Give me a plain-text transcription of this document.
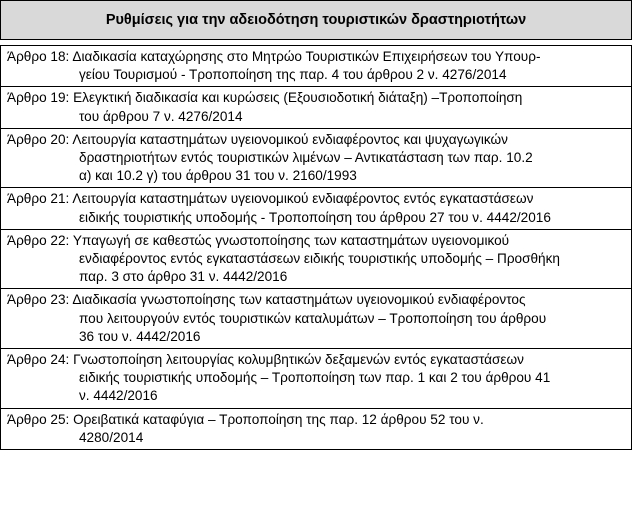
Ρυθμίσεις για την αδειοδότηση τουριστικών δραστηριοτήτων
Άρθρο 18: Διαδικασία καταχώρησης στο Μητρώο Τουριστικών Επιχειρήσεων του Υπουρ-
γείου Τουρισμού - Τροποποίηση της παρ. 4 του άρθρου 2 ν. 4276/2014
Άρθρο 19: Ελεγκτική διαδικασία και κυρώσεις (Εξουσιοδοτική διάταξη) –Τροποποίηση
του άρθρου 7 ν. 4276/2014
Άρθρο 20: Λειτουργία καταστημάτων υγειονομικού ενδιαφέροντος και ψυχαγωγικών
δραστηριοτήτων εντός τουριστικών λιμένων – Αντικατάσταση των παρ. 10.2
α) και 10.2 γ) του άρθρου 31 του ν. 2160/1993
Άρθρο 21: Λειτουργία καταστημάτων υγειονομικού ενδιαφέροντος εντός εγκαταστάσεων
ειδικής τουριστικής υποδομής - Τροποποίηση του άρθρου 27 του ν. 4442/2016
Άρθρο 22: Υπαγωγή σε καθεστώς γνωστοποίησης των καταστημάτων υγειονομικού
ενδιαφέροντος εντός εγκαταστάσεων ειδικής τουριστικής υποδομής – Προσθήκη
παρ. 3 στο άρθρο 31 ν. 4442/2016
Άρθρο 23: Διαδικασία γνωστοποίησης των καταστημάτων υγειονομικού ενδιαφέροντος
που λειτουργούν εντός τουριστικών καταλυμάτων – Τροποποίηση του άρθρου
36 του ν. 4442/2016
Άρθρο 24: Γνωστοποίηση λειτουργίας κολυμβητικών δεξαμενών εντός εγκαταστάσεων
ειδικής τουριστικής υποδομής – Τροποποίηση των παρ. 1 και 2 του άρθρου 41
ν. 4442/2016
Άρθρο 25: Ορειβατικά καταφύγια – Τροποποίηση της παρ. 12 άρθρου 52 του ν.
4280/2014
